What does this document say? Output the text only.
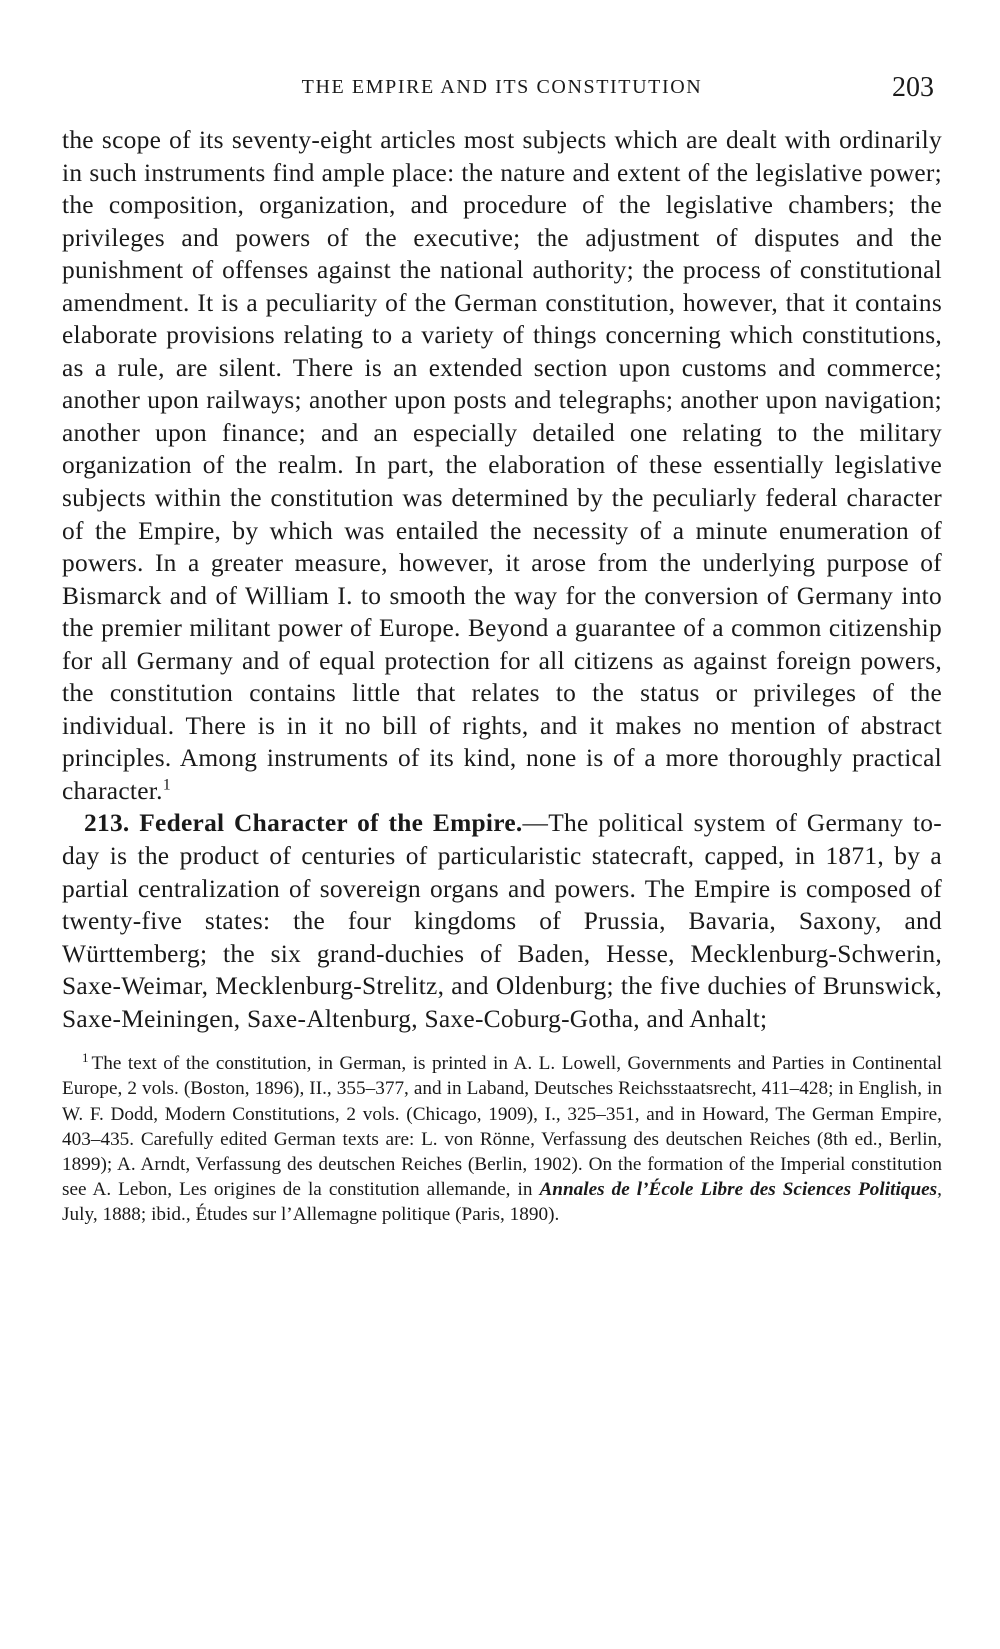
THE EMPIRE AND ITS CONSTITUTION	203

the scope of its seventy-eight articles most subjects which are dealt with ordinarily in such instruments find ample place: the nature and extent of the legislative power; the composition, organization, and procedure of the legislative chambers; the privileges and powers of the executive; the adjustment of disputes and the punishment of offenses against the national authority; the process of constitutional amendment. It is a peculiarity of the German constitution, however, that it contains elaborate provisions relating to a variety of things concerning which constitutions, as a rule, are silent. There is an extended section upon customs and commerce; another upon railways; another upon posts and telegraphs; another upon navigation; another upon finance; and an especially detailed one relating to the military organization of the realm. In part, the elaboration of these essentially legislative subjects within the constitution was determined by the peculiarly federal character of the Empire, by which was entailed the necessity of a minute enumeration of powers. In a greater measure, however, it arose from the underlying purpose of Bismarck and of William I. to smooth the way for the conversion of Germany into the premier militant power of Europe. Beyond a guarantee of a common citizenship for all Germany and of equal protection for all citizens as against foreign powers, the constitution contains little that relates to the status or privileges of the individual. There is in it no bill of rights, and it makes no mention of abstract principles. Among instruments of its kind, none is of a more thoroughly practical character.$^1$

213. Federal Character of the Empire.—The political system of Germany to-day is the product of centuries of particularistic statecraft, capped, in 1871, by a partial centralization of sovereign organs and powers. The Empire is composed of twenty-five states: the four kingdoms of Prussia, Bavaria, Saxony, and Württemberg; the six grand-duchies of Baden, Hesse, Mecklenburg-Schwerin, Saxe-Weimar, Mecklenburg-Strelitz, and Oldenburg; the five duchies of Brunswick, Saxe-Meiningen, Saxe-Altenburg, Saxe-Coburg-Gotha, and Anhalt;

$^1$ The text of the constitution, in German, is printed in A. L. Lowell, Governments and Parties in Continental Europe, 2 vols. (Boston, 1896), II., 355–377, and in Laband, Deutsches Reichsstaatsrecht, 411–428; in English, in W. F. Dodd, Modern Constitutions, 2 vols. (Chicago, 1909), I., 325–351, and in Howard, The German Empire, 403–435. Carefully edited German texts are: L. von Rönne, Verfassung des deutschen Reiches (8th ed., Berlin, 1899); A. Arndt, Verfassung des deutschen Reiches (Berlin, 1902). On the formation of the Imperial constitution see A. Lebon, Les origines de la constitution allemande, in Annales de l’École Libre des Sciences Politiques, July, 1888; ibid., Études sur l’Allemagne politique (Paris, 1890).
